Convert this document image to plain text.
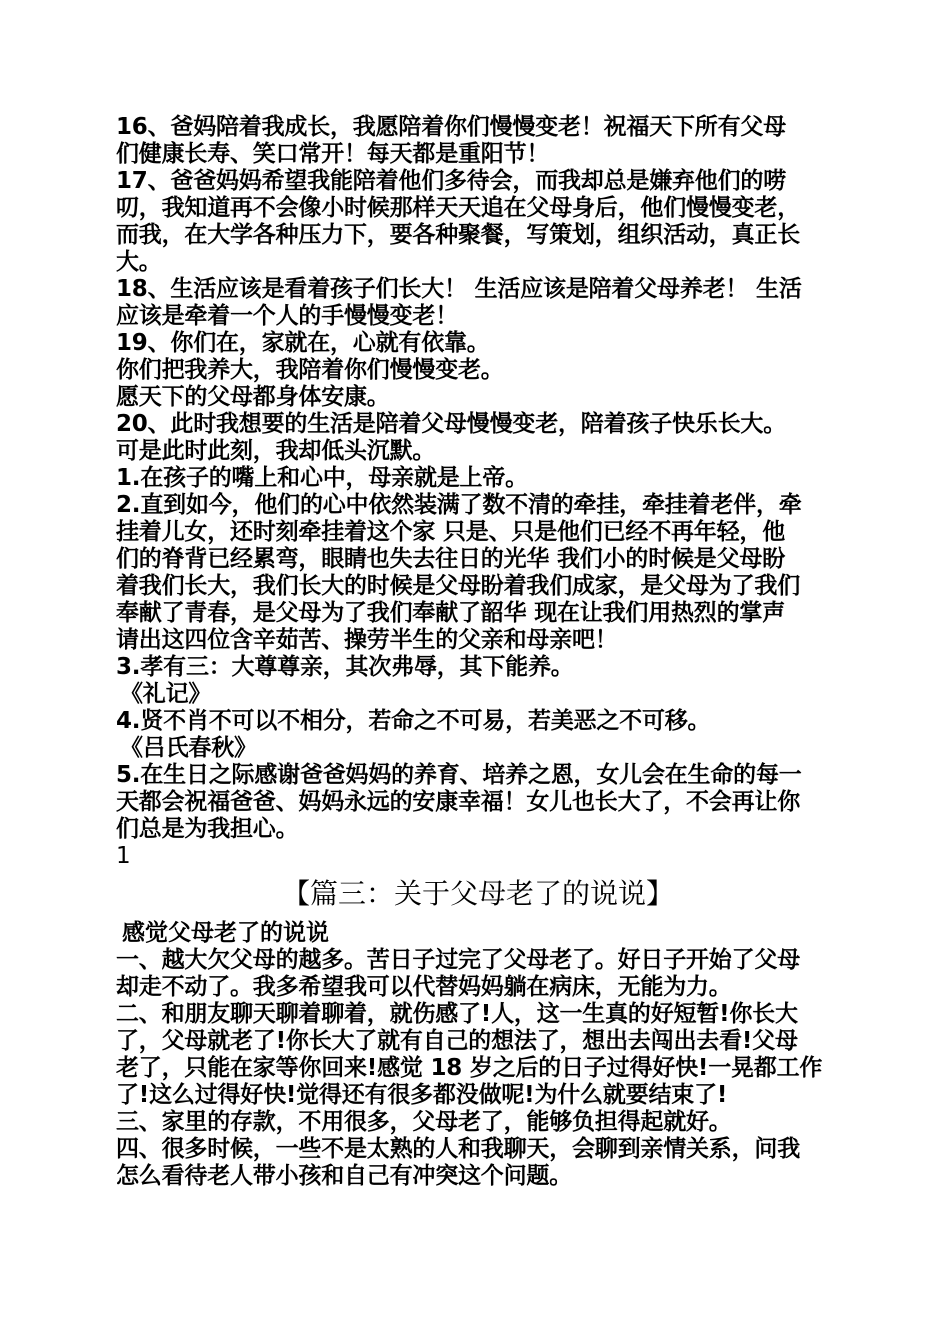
16、爸妈陪着我成长，我愿陪着你们慢慢变老！祝福天下所有父母
们健康长寿、笑口常开！每天都是重阳节！
17、爸爸妈妈希望我能陪着他们多待会，而我却总是嫌弃他们的唠
叨，我知道再不会像小时候那样天天追在父母身后，他们慢慢变老，
而我，在大学各种压力下，要各种聚餐，写策划，组织活动，真正长
大。
18、生活应该是看着孩子们长大！ 生活应该是陪着父母养老！ 生活
应该是牵着一个人的手慢慢变老！
19、你们在，家就在，心就有依靠。
你们把我养大，我陪着你们慢慢变老。
愿天下的父母都身体安康。
20、此时我想要的生活是陪着父母慢慢变老，陪着孩子快乐长大。
可是此时此刻，我却低头沉默。
1.在孩子的嘴上和心中，母亲就是上帝。
2.直到如今，他们的心中依然装满了数不清的牵挂，牵挂着老伴，牵
挂着儿女，还时刻牵挂着这个家 只是、只是他们已经不再年轻，他
们的脊背已经累弯，眼睛也失去往日的光华 我们小的时候是父母盼
着我们长大，我们长大的时候是父母盼着我们成家，是父母为了我们
奉献了青春，是父母为了我们奉献了韶华 现在让我们用热烈的掌声
请出这四位含辛茹苦、操劳半生的父亲和母亲吧！
3.孝有三：大尊尊亲，其次弗辱，其下能养。
《礼记》
4.贤不肖不可以不相分，若命之不可易，若美恶之不可移。
《吕氏春秋》
5.在生日之际感谢爸爸妈妈的养育、培养之恩，女儿会在生命的每一
天都会祝福爸爸、妈妈永远的安康幸福！女儿也长大了，不会再让你
们总是为我担心。
1
【篇三：关于父母老了的说说】
感觉父母老了的说说
一、越大欠父母的越多。苦日子过完了父母老了。好日子开始了父母
却走不动了。我多希望我可以代替妈妈躺在病床，无能为力。
二、和朋友聊天聊着聊着，就伤感了!人，这一生真的好短暂!你长大
了，父母就老了!你长大了就有自己的想法了，想出去闯出去看!父母
老了，只能在家等你回来!感觉 18 岁之后的日子过得好快!一晃都工作
了!这么过得好快!觉得还有很多都没做呢!为什么就要结束了!
三、家里的存款，不用很多，父母老了，能够负担得起就好。
四、很多时候，一些不是太熟的人和我聊天，会聊到亲情关系，问我
怎么看待老人带小孩和自己有冲突这个问题。
